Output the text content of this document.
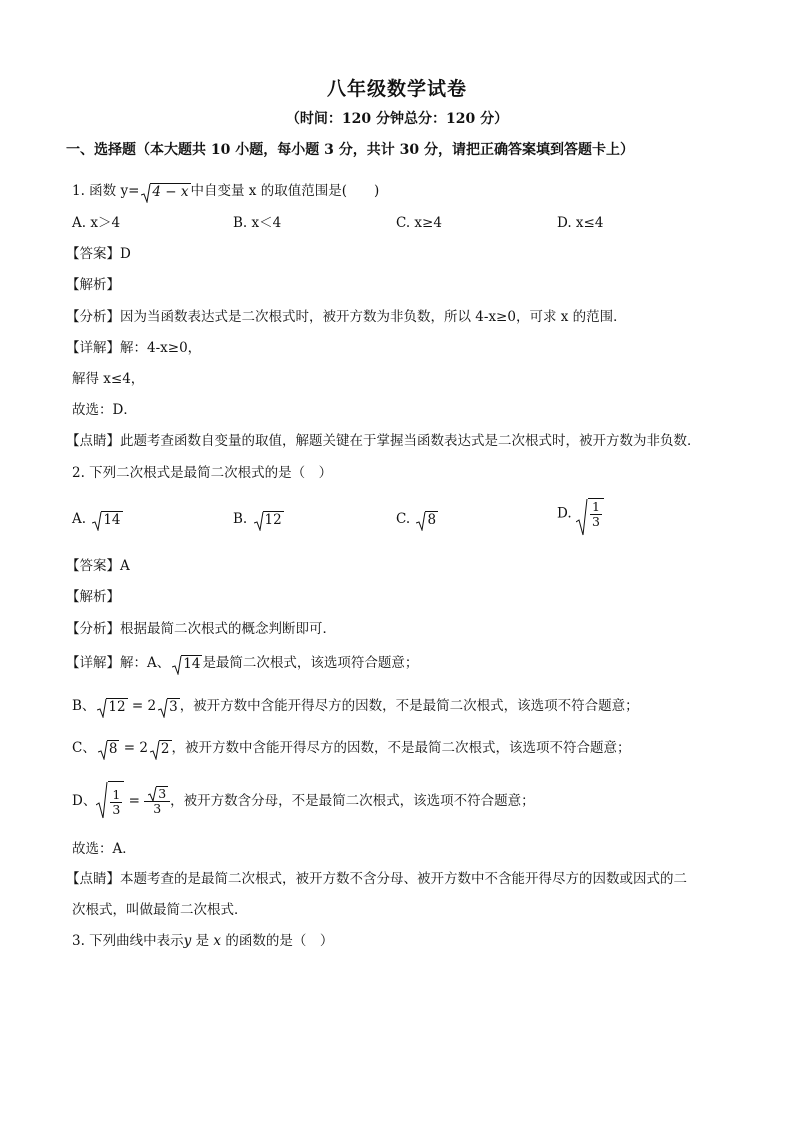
八年级数学试卷
（时间：120 分钟总分：120 分）
一、选择题（本大题共 10 小题，每小题 3 分，共计 30 分，请把正确答案填到答题卡上）
1. 函数 y= 4 − x 中自变量 x 的取值范围是(　　)
A. x＞4	B. x＜4	C. x≥4	D. x≤4
【答案】D
【解析】
【分析】因为当函数表达式是二次根式时，被开方数为非负数，所以 4-x≥0，可求 x 的范围．
【详解】解：4-x≥0，
解得 x≤4，
故选：D．
【点睛】此题考查函数自变量的取值，解题关键在于掌握当函数表达式是二次根式时，被开方数为非负数．
2. 下列二次根式是最简二次根式的是（　）
A. 14	B. 12	C. 8	D. $\frac{1}{3}$
【答案】A
【解析】
【分析】根据最简二次根式的概念判断即可．
【详解】解：A、 14 是最简二次根式，该选项符合题意；
B、 12 = 2 3 ，被开方数中含能开得尽方的因数，不是最简二次根式，该选项不符合题意；
C、 8 = 2 2 ，被开方数中含能开得尽方的因数，不是最简二次根式，该选项不符合题意；
D、 $\frac{1}{3} = \frac{3}{3}$ ，被开方数含分母，不是最简二次根式，该选项不符合题意；
故选：A．
【点睛】本题考查的是最简二次根式，被开方数不含分母、被开方数中不含能开得尽方的因数或因式的二
次根式，叫做最简二次根式．
3. 下列曲线中表示y 是 x 的函数的是（　）
